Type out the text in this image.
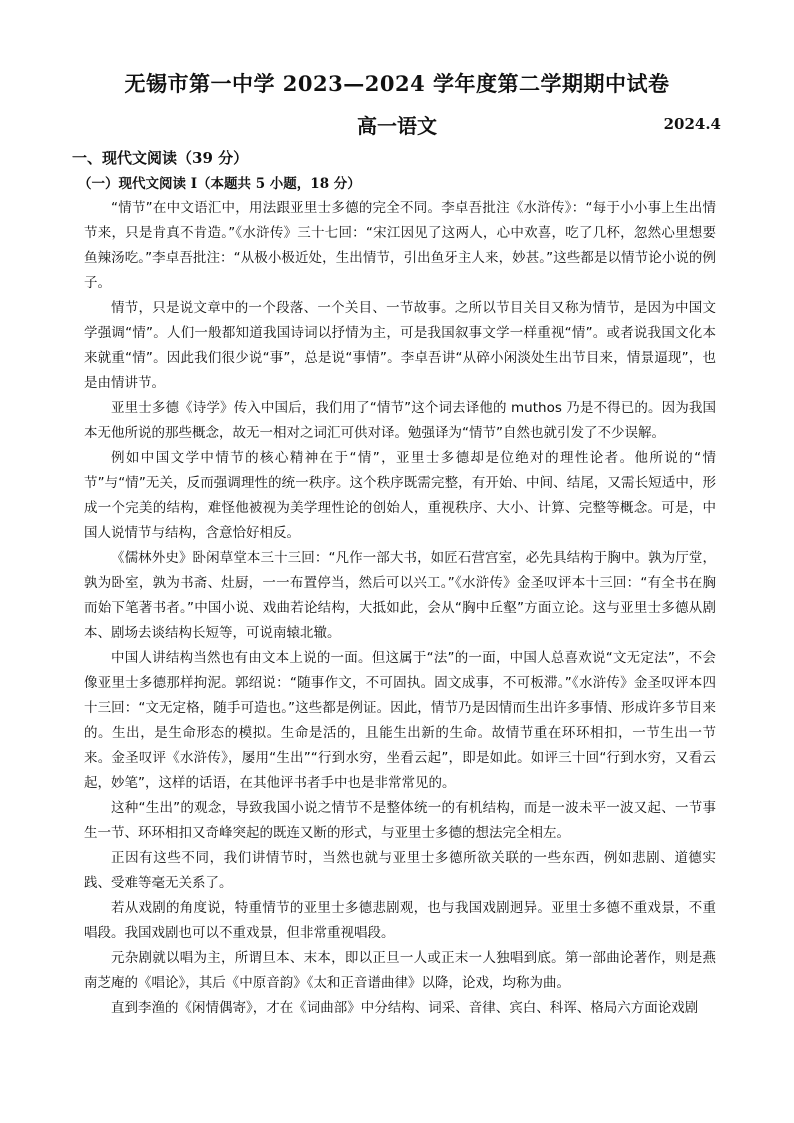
无锡市第一中学 2023—2024 学年度第二学期期中试卷
高一语文	2024.4
一、现代文阅读（39 分）
（一）现代文阅读 I（本题共 5 小题，18 分）

“情节”在中文语汇中，用法跟亚里士多德的完全不同。李卓吾批注《水浒传》：“每于小小事上生出情节来，只是肯真不肯造。”《水浒传》三十七回：“宋江因见了这两人，心中欢喜，吃了几杯，忽然心里想要鱼辣汤吃。”李卓吾批注：“从极小极近处，生出情节，引出鱼牙主人来，妙甚。”这些都是以情节论小说的例子。

情节，只是说文章中的一个段落、一个关目、一节故事。之所以节目关目又称为情节，是因为中国文学强调“情”。人们一般都知道我国诗词以抒情为主，可是我国叙事文学一样重视“情”。或者说我国文化本来就重“情”。因此我们很少说“事”，总是说“事情”。李卓吾讲“从碎小闲淡处生出节目来，情景逼现”，也是由情讲节。

亚里士多德《诗学》传入中国后，我们用了“情节”这个词去译他的 muthos 乃是不得已的。因为我国本无他所说的那些概念，故无一相对之词汇可供对译。勉强译为“情节”自然也就引发了不少误解。

例如中国文学中情节的核心精神在于“情”，亚里士多德却是位绝对的理性论者。他所说的“情节”与“情”无关，反而强调理性的统一秩序。这个秩序既需完整，有开始、中间、结尾，又需长短适中，形成一个完美的结构，难怪他被视为美学理性论的创始人，重视秩序、大小、计算、完整等概念。可是，中国人说情节与结构，含意恰好相反。

《儒林外史》卧闲草堂本三十三回：“凡作一部大书，如匠石营宫室，必先具结构于胸中。孰为厅堂，孰为卧室，孰为书斋、灶厨，一一布置停当，然后可以兴工。”《水浒传》金圣叹评本十三回：“有全书在胸而始下笔著书者。”中国小说、戏曲若论结构，大抵如此，会从“胸中丘壑”方面立论。这与亚里士多德从剧本、剧场去谈结构长短等，可说南辕北辙。

中国人讲结构当然也有由文本上说的一面。但这属于“法”的一面，中国人总喜欢说“文无定法”，不会像亚里士多德那样拘泥。郭绍说：“随事作文，不可固执。固文成事，不可板滞。”《水浒传》金圣叹评本四十三回：“文无定格，随手可造也。”这些都是例证。因此，情节乃是因情而生出许多事情、形成许多节目来的。生出，是生命形态的模拟。生命是活的，且能生出新的生命。故情节重在环环相扣，一节生出一节来。金圣叹评《水浒传》，屡用“生出”“行到水穷，坐看云起”，即是如此。如评三十回“行到水穷，又看云起，妙笔”，这样的话语，在其他评书者手中也是非常常见的。

这种“生出”的观念，导致我国小说之情节不是整体统一的有机结构，而是一波未平一波又起、一节事生一节、环环相扣又奇峰突起的既连又断的形式，与亚里士多德的想法完全相左。

正因有这些不同，我们讲情节时，当然也就与亚里士多德所欲关联的一些东西，例如悲剧、道德实践、受难等毫无关系了。

若从戏剧的角度说，特重情节的亚里士多德悲剧观，也与我国戏剧迥异。亚里士多德不重戏景，不重唱段。我国戏剧也可以不重戏景，但非常重视唱段。

元杂剧就以唱为主，所谓旦本、末本，即以正旦一人或正末一人独唱到底。第一部曲论著作，则是燕南芝庵的《唱论》，其后《中原音韵》《太和正音谱曲律》以降，论戏，均称为曲。

直到李渔的《闲情偶寄》，才在《词曲部》中分结构、词采、音律、宾白、科诨、格局六方面论戏剧
